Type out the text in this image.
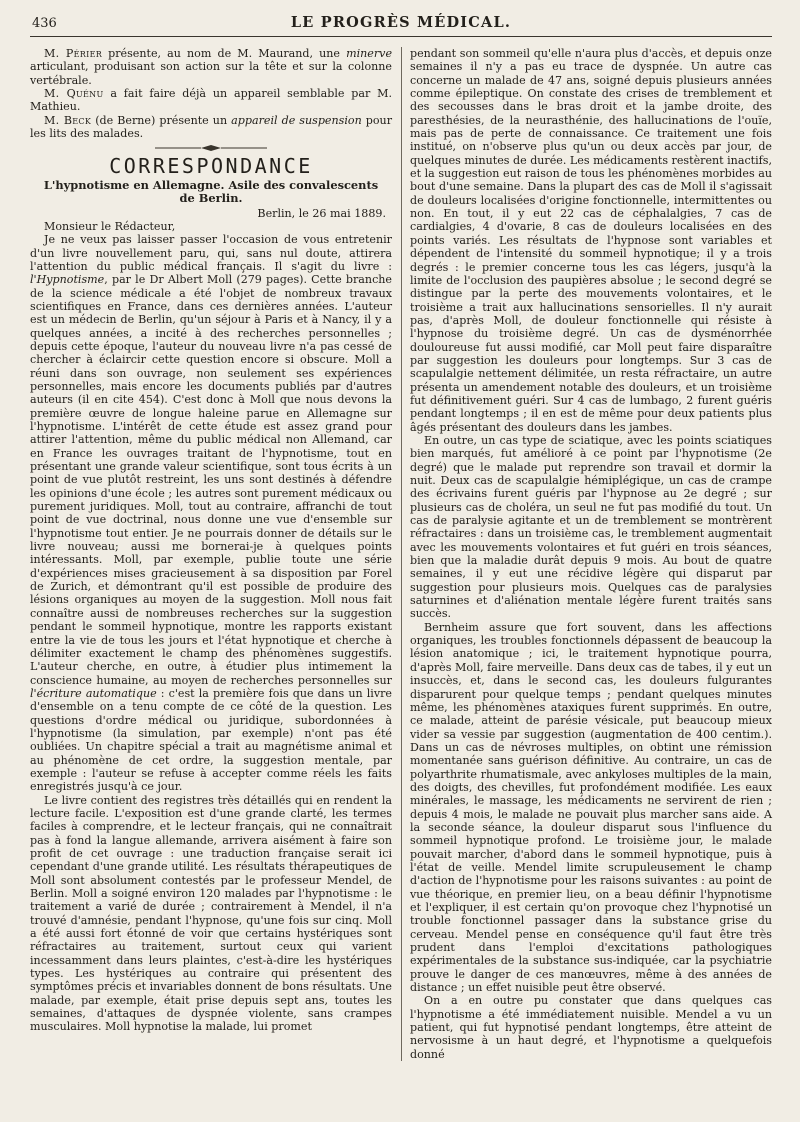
436	LE PROGRÈS MÉDICAL.

M. Périer présente, au nom de M. Maurand, une minerve articulant, produisant son action sur la tête et sur la colonne vertébrale.

M. Quénu a fait faire déjà un appareil semblable par M. Mathieu.

M. Beck (de Berne) présente un appareil de suspension pour les lits des malades.

CORRESPONDANCE
L'hypnotisme en Allemagne. Asile des convalescents de Berlin.

Berlin, le 26 mai 1889.

Monsieur le Rédacteur,

Je ne veux pas laisser passer l'occasion de vous entretenir d'un livre nouvellement paru, qui, sans nul doute, attirera l'attention du public médical français. Il s'agit du livre : l'Hypnotisme, par le Dr Albert Moll (279 pages). Cette branche de la science médicale a été l'objet de nombreux travaux scientifiques en France, dans ces dernières années. L'auteur est un médecin de Berlin, qu'un séjour à Paris et à Nancy, il y a quelques années, a incité à des recherches personnelles ; depuis cette époque, l'auteur du nouveau livre n'a pas cessé de chercher à éclaircir cette question encore si obscure. Moll a réuni dans son ouvrage, non seulement ses expériences personnelles, mais encore les documents publiés par d'autres auteurs (il en cite 454). C'est donc à Moll que nous devons la première œuvre de longue haleine parue en Allemagne sur l'hypnotisme. L'intérêt de cette étude est assez grand pour attirer l'attention, même du public médical non Allemand, car en France les ouvrages traitant de l'hypnotisme, tout en présentant une grande valeur scientifique, sont tous écrits à un point de vue plutôt restreint, les uns sont destinés à défendre les opinions d'une école ; les autres sont purement médicaux ou purement juridiques. Moll, tout au contraire, affranchi de tout point de vue doctrinal, nous donne une vue d'ensemble sur l'hypnotisme tout entier. Je ne pourrais donner de détails sur le livre nouveau; aussi me bornerai-je à quelques points intéressants. Moll, par exemple, publie toute une série d'expériences mises gracieusement à sa disposition par Forel de Zurich, et démontrant qu'il est possible de produire des lésions organiques au moyen de la suggestion. Moll nous fait connaître aussi de nombreuses recherches sur la suggestion pendant le sommeil hypnotique, montre les rapports existant entre la vie de tous les jours et l'état hypnotique et cherche à délimiter exactement le champ des phénomènes suggestifs. L'auteur cherche, en outre, à étudier plus intimement la conscience humaine, au moyen de recherches personnelles sur l'écriture automatique : c'est la première fois que dans un livre d'ensemble on a tenu compte de ce côté de la question. Les questions d'ordre médical ou juridique, subordonnées à l'hypnotisme (la simulation, par exemple) n'ont pas été oubliées. Un chapitre spécial a trait au magnétisme animal et au phénomène de cet ordre, la suggestion mentale, par exemple : l'auteur se refuse à accepter comme réels les faits enregistrés jusqu'à ce jour.

Le livre contient des registres très détaillés qui en rendent la lecture facile. L'exposition est d'une grande clarté, les termes faciles à comprendre, et le lecteur français, qui ne connaîtrait pas à fond la langue allemande, arrivera aisément à faire son profit de cet ouvrage : une traduction française serait ici cependant d'une grande utilité. Les résultats thérapeutiques de Moll sont absolument contestés par le professeur Mendel, de Berlin. Moll a soigné environ 120 malades par l'hypnotisme : le traitement a varié de durée ; contrairement à Mendel, il n'a trouvé d'amnésie, pendant l'hypnose, qu'une fois sur cinq. Moll a été aussi fort étonné de voir que certains hystériques sont réfractaires au traitement, surtout ceux qui varient incessamment dans leurs plaintes, c'est-à-dire les hystériques types. Les hystériques au contraire qui présentent des symptômes précis et invariables donnent de bons résultats. Une malade, par exemple, était prise depuis sept ans, toutes les semaines, d'attaques de dyspnée violente, sans crampes musculaires. Moll hypnotise la malade, lui promet

pendant son sommeil qu'elle n'aura plus d'accès, et depuis onze semaines il n'y a pas eu trace de dyspnée. Un autre cas concerne un malade de 47 ans, soigné depuis plusieurs années comme épileptique. On constate des crises de tremblement et des secousses dans le bras droit et la jambe droite, des paresthésies, de la neurasthénie, des hallucinations de l'ouïe, mais pas de perte de connaissance. Ce traitement une fois institué, on n'observe plus qu'un ou deux accès par jour, de quelques minutes de durée. Les médicaments restèrent inactifs, et la suggestion eut raison de tous les phénomènes morbides au bout d'une semaine. Dans la plupart des cas de Moll il s'agissait de douleurs localisées d'origine fonctionnelle, intermittentes ou non. En tout, il y eut 22 cas de céphalalgies, 7 cas de cardialgies, 4 d'ovarie, 8 cas de douleurs localisées en des points variés. Les résultats de l'hypnose sont variables et dépendent de l'intensité du sommeil hypnotique; il y a trois degrés : le premier concerne tous les cas légers, jusqu'à la limite de l'occlusion des paupières absolue ; le second degré se distingue par la perte des mouvements volontaires, et le troisième a trait aux hallucinations sensorielles. Il n'y aurait pas, d'après Moll, de douleur fonctionnelle qui résiste à l'hypnose du troisième degré. Un cas de dysménorrhée douloureuse fut aussi modifié, car Moll peut faire disparaître par suggestion les douleurs pour longtemps. Sur 3 cas de scapulalgie nettement délimitée, un resta réfractaire, un autre présenta un amendement notable des douleurs, et un troisième fut définitivement guéri. Sur 4 cas de lumbago, 2 furent guéris pendant longtemps ; il en est de même pour deux patients plus âgés présentant des douleurs dans les jambes.

En outre, un cas type de sciatique, avec les points sciatiques bien marqués, fut amélioré à ce point par l'hypnotisme (2e degré) que le malade put reprendre son travail et dormir la nuit. Deux cas de scapulalgie hémiplégique, un cas de crampe des écrivains furent guéris par l'hypnose au 2e degré ; sur plusieurs cas de choléra, un seul ne fut pas modifié du tout. Un cas de paralysie agitante et un de tremblement se montrèrent réfractaires : dans un troisième cas, le tremblement augmentait avec les mouvements volontaires et fut guéri en trois séances, bien que la maladie durât depuis 9 mois. Au bout de quatre semaines, il y eut une récidive légère qui disparut par suggestion pour plusieurs mois. Quelques cas de paralysies saturnines et d'aliénation mentale légère furent traités sans succès.

Bernheim assure que fort souvent, dans les affections organiques, les troubles fonctionnels dépassent de beaucoup la lésion anatomique ; ici, le traitement hypnotique pourra, d'après Moll, faire merveille. Dans deux cas de tabes, il y eut un insuccès, et, dans le second cas, les douleurs fulgurantes disparurent pour quelque temps ; pendant quelques minutes même, les phénomènes ataxiques furent supprimés. En outre, ce malade, atteint de parésie vésicale, put beaucoup mieux vider sa vessie par suggestion (augmentation de 400 centim.). Dans un cas de névroses multiples, on obtint une rémission momentanée sans guérison définitive. Au contraire, un cas de polyarthrite rhumatismale, avec ankyloses multiples de la main, des doigts, des chevilles, fut profondément modifiée. Les eaux minérales, le massage, les médicaments ne servirent de rien ; depuis 4 mois, le malade ne pouvait plus marcher sans aide. A la seconde séance, la douleur disparut sous l'influence du sommeil hypnotique profond. Le troisième jour, le malade pouvait marcher, d'abord dans le sommeil hypnotique, puis à l'état de veille. Mendel limite scrupuleusement le champ d'action de l'hypnotisme pour les raisons suivantes : au point de vue théorique, en premier lieu, on a beau définir l'hypnotisme et l'expliquer, il est certain qu'on provoque chez l'hypnotisé un trouble fonctionnel passager dans la substance grise du cerveau. Mendel pense en conséquence qu'il faut être très prudent dans l'emploi d'excitations pathologiques expérimentales de la substance sus-indiquée, car la psychiatrie prouve le danger de ces manœuvres, même à des années de distance ; un effet nuisible peut être observé.

On a en outre pu constater que dans quelques cas l'hypnotisme a été immédiatement nuisible. Mendel a vu un patient, qui fut hypnotisé pendant longtemps, être atteint de nervosisme à un haut degré, et l'hypnotisme a quelquefois donné
